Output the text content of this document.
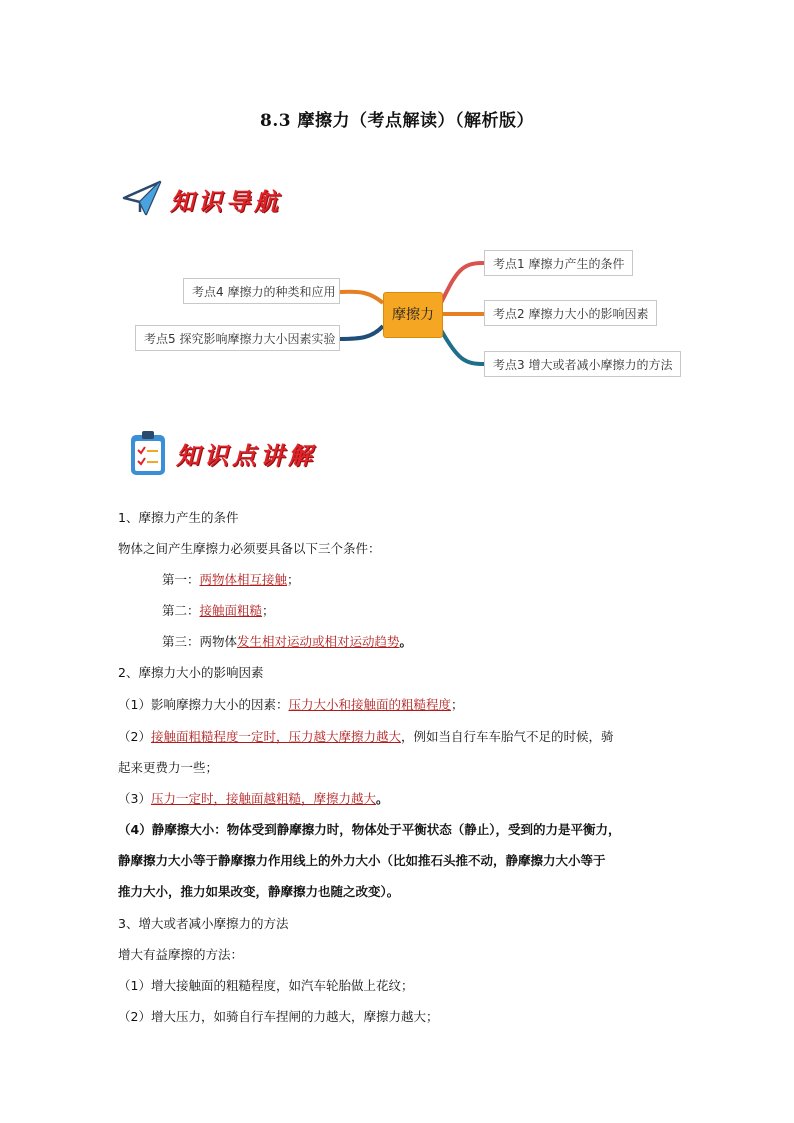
8.3 摩擦力（考点解读）（解析版）
知识导航
摩擦力
考点1 摩擦力产生的条件
考点2 摩擦力大小的影响因素
考点3 增大或者减小摩擦力的方法
考点4 摩擦力的种类和应用
考点5 探究影响摩擦力大小因素实验
知识点讲解
1、摩擦力产生的条件
物体之间产生摩擦力必须要具备以下三个条件：
第一：两物体相互接触；
第二：接触面粗糙；
第三：两物体发生相对运动或相对运动趋势。
2、摩擦力大小的影响因素
（1）影响摩擦力大小的因素：压力大小和接触面的粗糙程度；
（2）接触面粗糙程度一定时，压力越大摩擦力越大，例如当自行车车胎气不足的时候，骑
起来更费力一些；
（3）压力一定时，接触面越粗糙，摩擦力越大。
（4）静摩擦大小：物体受到静摩擦力时，物体处于平衡状态（静止），受到的力是平衡力，
静摩擦力大小等于静摩擦力作用线上的外力大小（比如推石头推不动，静摩擦力大小等于
推力大小，推力如果改变，静摩擦力也随之改变）。
3、增大或者减小摩擦力的方法
增大有益摩擦的方法：
（1）增大接触面的粗糙程度，如汽车轮胎做上花纹；
（2）增大压力，如骑自行车捏闸的力越大，摩擦力越大；
